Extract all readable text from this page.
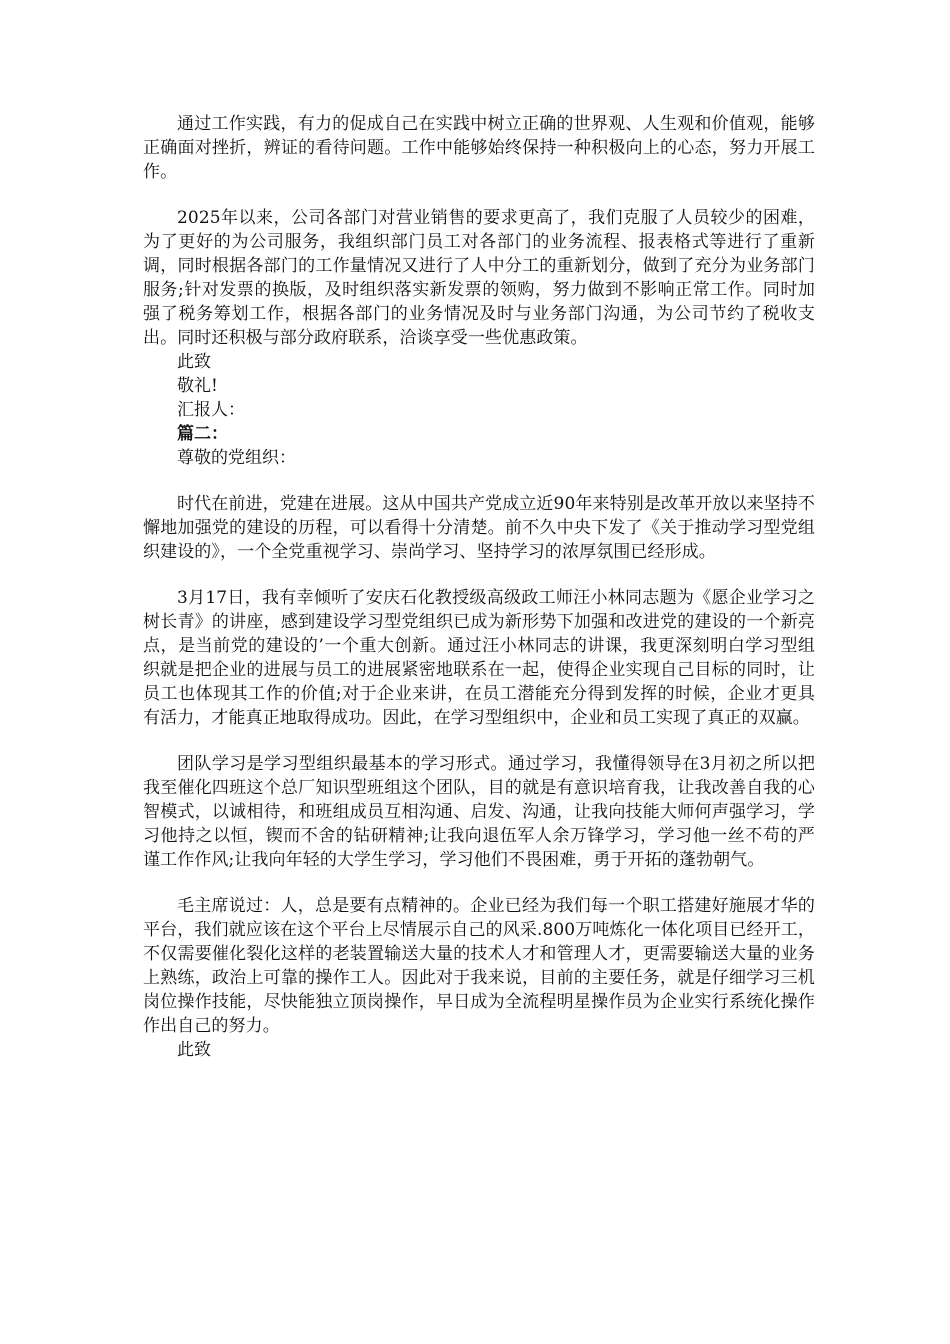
通过工作实践，有力的促成自己在实践中树立正确的世界观、人生观和价值观，能够正确面对挫折，辨证的看待问题。工作中能够始终保持一种积极向上的心态，努力开展工作。

2025年以来，公司各部门对营业销售的要求更高了，我们克服了人员较少的困难，为了更好的为公司服务，我组织部门员工对各部门的业务流程、报表格式等进行了重新调，同时根据各部门的工作量情况又进行了人中分工的重新划分，做到了充分为业务部门服务;针对发票的换版，及时组织落实新发票的领购，努力做到不影响正常工作。同时加强了税务筹划工作，根据各部门的业务情况及时与业务部门沟通，为公司节约了税收支出。同时还积极与部分政府联系，洽谈享受一些优惠政策。

此致

敬礼!

汇报人：

篇二：

尊敬的党组织：

时代在前进，党建在进展。这从中国共产党成立近90年来特别是改革开放以来坚持不懈地加强党的建设的历程，可以看得十分清楚。前不久中央下发了《关于推动学习型党组织建设的》，一个全党重视学习、崇尚学习、坚持学习的浓厚氛围已经形成。

3月17日，我有幸倾听了安庆石化教授级高级政工师汪小林同志题为《愿企业学习之树长青》的讲座，感到建设学习型党组织已成为新形势下加强和改进党的建设的一个新亮点，是当前党的建设的’一个重大创新。通过汪小林同志的讲课，我更深刻明白学习型组织就是把企业的进展与员工的进展紧密地联系在一起，使得企业实现自己目标的同时，让员工也体现其工作的价值;对于企业来讲，在员工潜能充分得到发挥的时候，企业才更具有活力，才能真正地取得成功。因此，在学习型组织中，企业和员工实现了真正的双赢。

团队学习是学习型组织最基本的学习形式。通过学习，我懂得领导在3月初之所以把我至催化四班这个总厂知识型班组这个团队，目的就是有意识培育我，让我改善自我的心智模式，以诚相待，和班组成员互相沟通、启发、沟通，让我向技能大师何声强学习，学习他持之以恒，锲而不舍的钻研精神;让我向退伍军人余万锋学习，学习他一丝不苟的严谨工作作风;让我向年轻的大学生学习，学习他们不畏困难，勇于开拓的蓬勃朝气。

毛主席说过：人，总是要有点精神的。企业已经为我们每一个职工搭建好施展才华的平台，我们就应该在这个平台上尽情展示自己的风采.800万吨炼化一体化项目已经开工，不仅需要催化裂化这样的老装置输送大量的技术人才和管理人才，更需要输送大量的业务上熟练，政治上可靠的操作工人。因此对于我来说，目前的主要任务，就是仔细学习三机岗位操作技能，尽快能独立顶岗操作，早日成为全流程明星操作员为企业实行系统化操作作出自己的努力。

此致
